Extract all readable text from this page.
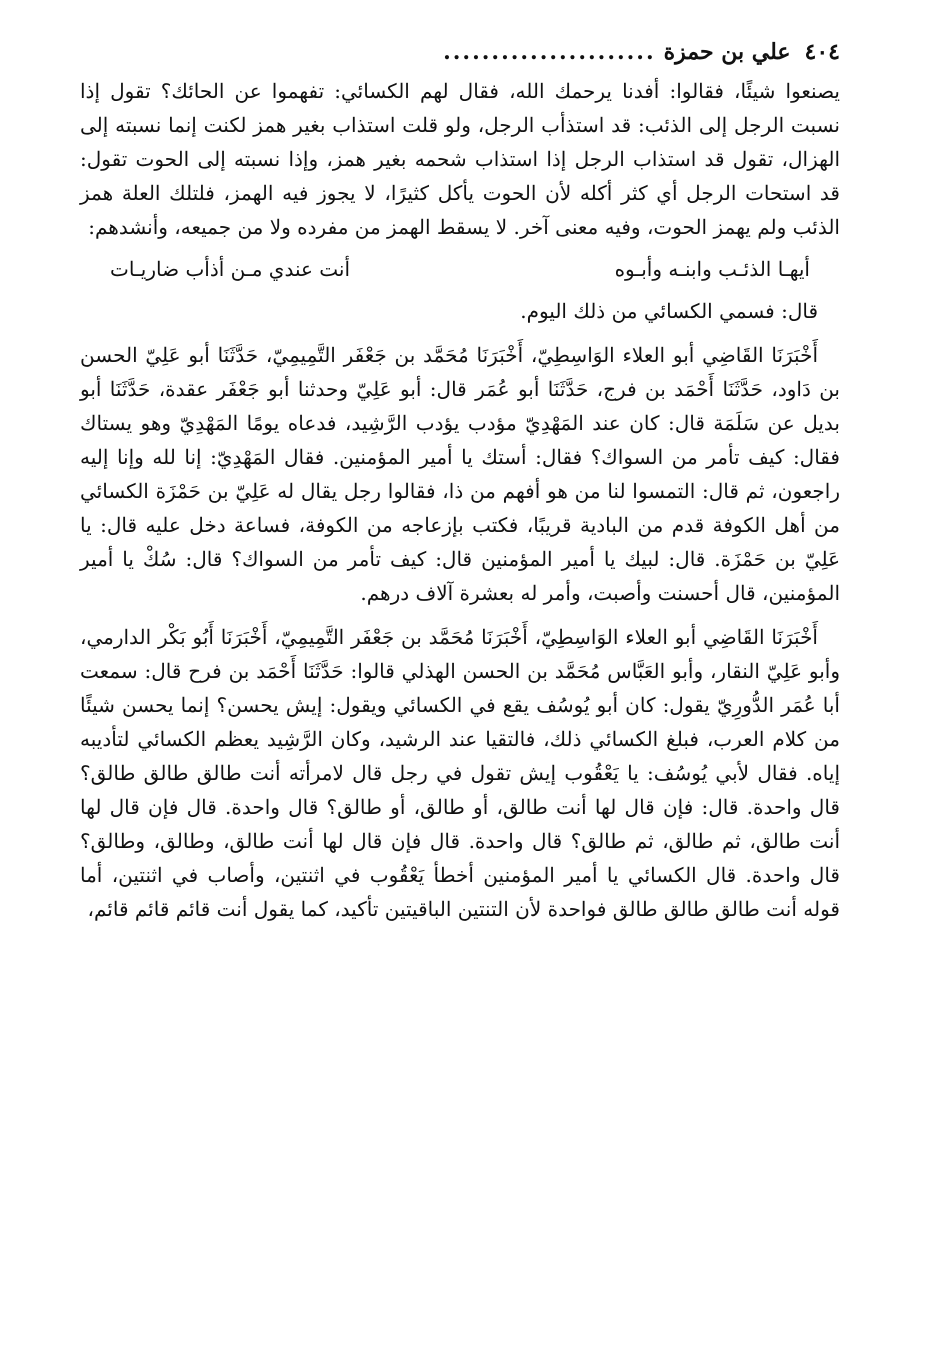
٤٠٤
علي بن حمزة
......................

يصنعوا شيئًا، فقالوا: أفدنا يرحمك الله، فقال لهم الكسائي: تفهموا عن الحائك؟ تقول إذا نسبت الرجل إلى الذئب: قد استذأب الرجل، ولو قلت استذاب بغير همز لكنت إنما نسبته إلى الهزال، تقول قد استذاب الرجل إذا استذاب شحمه بغير همز، وإذا نسبته إلى الحوت تقول: قد استحات الرجل أي كثر أكله لأن الحوت يأكل كثيرًا، لا يجوز فيه الهمز، فلتلك العلة همز الذئب ولم يهمز الحوت، وفيه معنى آخر. لا يسقط الهمز من مفرده ولا من جميعه، وأنشدهم:

أيهـا الذئـب وابنـه وأبـوه
أنت عندي مـن أذأب ضاريـات

قال: فسمي الكسائي من ذلك اليوم.

أَخْبَرَنَا القَاضِي أبو العلاء الوَاسِطِيّ، أَخْبَرَنَا مُحَمَّد بن جَعْفَر التَّمِيمِيّ، حَدَّثَنَا أبو عَلِيّ الحسن بن دَاود، حَدَّثَنَا أَحْمَد بن فرج، حَدَّثَنَا أبو عُمَر قال: أبو عَلِيّ وحدثنا أبو جَعْفَر عقدة، حَدَّثَنَا أبو بديل عن سَلَمَة قال: كان عند المَهْدِيّ مؤدب يؤدب الرَّشِيد، فدعاه يومًا المَهْدِيّ وهو يستاك فقال: كيف تأمر من السواك؟ فقال: أستك يا أمير المؤمنين. فقال المَهْدِيّ: إنا لله وإنا إليه راجعون، ثم قال: التمسوا لنا من هو أفهم من ذا، فقالوا رجل يقال له عَلِيّ بن حَمْزَة الكسائي من أهل الكوفة قدم من البادية قريبًا، فكتب بإزعاجه من الكوفة، فساعة دخل عليه قال: يا عَلِيّ بن حَمْزَة. قال: لبيك يا أمير المؤمنين قال: كيف تأمر من السواك؟ قال: سُكْ يا أمير المؤمنين، قال أحسنت وأصبت، وأمر له بعشرة آلاف درهم.

أَخْبَرَنَا القَاضِي أبو العلاء الوَاسِطِيّ، أَخْبَرَنَا مُحَمَّد بن جَعْفَر التَّمِيمِيّ، أَخْبَرَنَا أَبُو بَكْر الدارمي، وأبو عَلِيّ النقار، وأبو العَبَّاس مُحَمَّد بن الحسن الهذلي قالوا: حَدَّثَنَا أَحْمَد بن فرح قال: سمعت أبا عُمَر الدُّورِيّ يقول: كان أبو يُوسُف يقع في الكسائي ويقول: إيش يحسن؟ إنما يحسن شيئًا من كلام العرب، فبلغ الكسائي ذلك، فالتقيا عند الرشيد، وكان الرَّشِيد يعظم الكسائي لتأديبه إياه. فقال لأبي يُوسُف: يا يَعْقُوب إيش تقول في رجل قال لامرأته أنت طالق طالق طالق؟ قال واحدة. قال: فإن قال لها أنت طالق، أو طالق، أو طالق؟ قال واحدة. قال فإن قال لها أنت طالق، ثم طالق، ثم طالق؟ قال واحدة. قال فإن قال لها أنت طالق، وطالق، وطالق؟ قال واحدة. قال الكسائي يا أمير المؤمنين أخطأ يَعْقُوب في اثنتين، وأصاب في اثنتين، أما قوله أنت طالق طالق طالق فواحدة لأن التنتين الباقيتين تأكيد، كما يقول أنت قائم قائم قائم،
